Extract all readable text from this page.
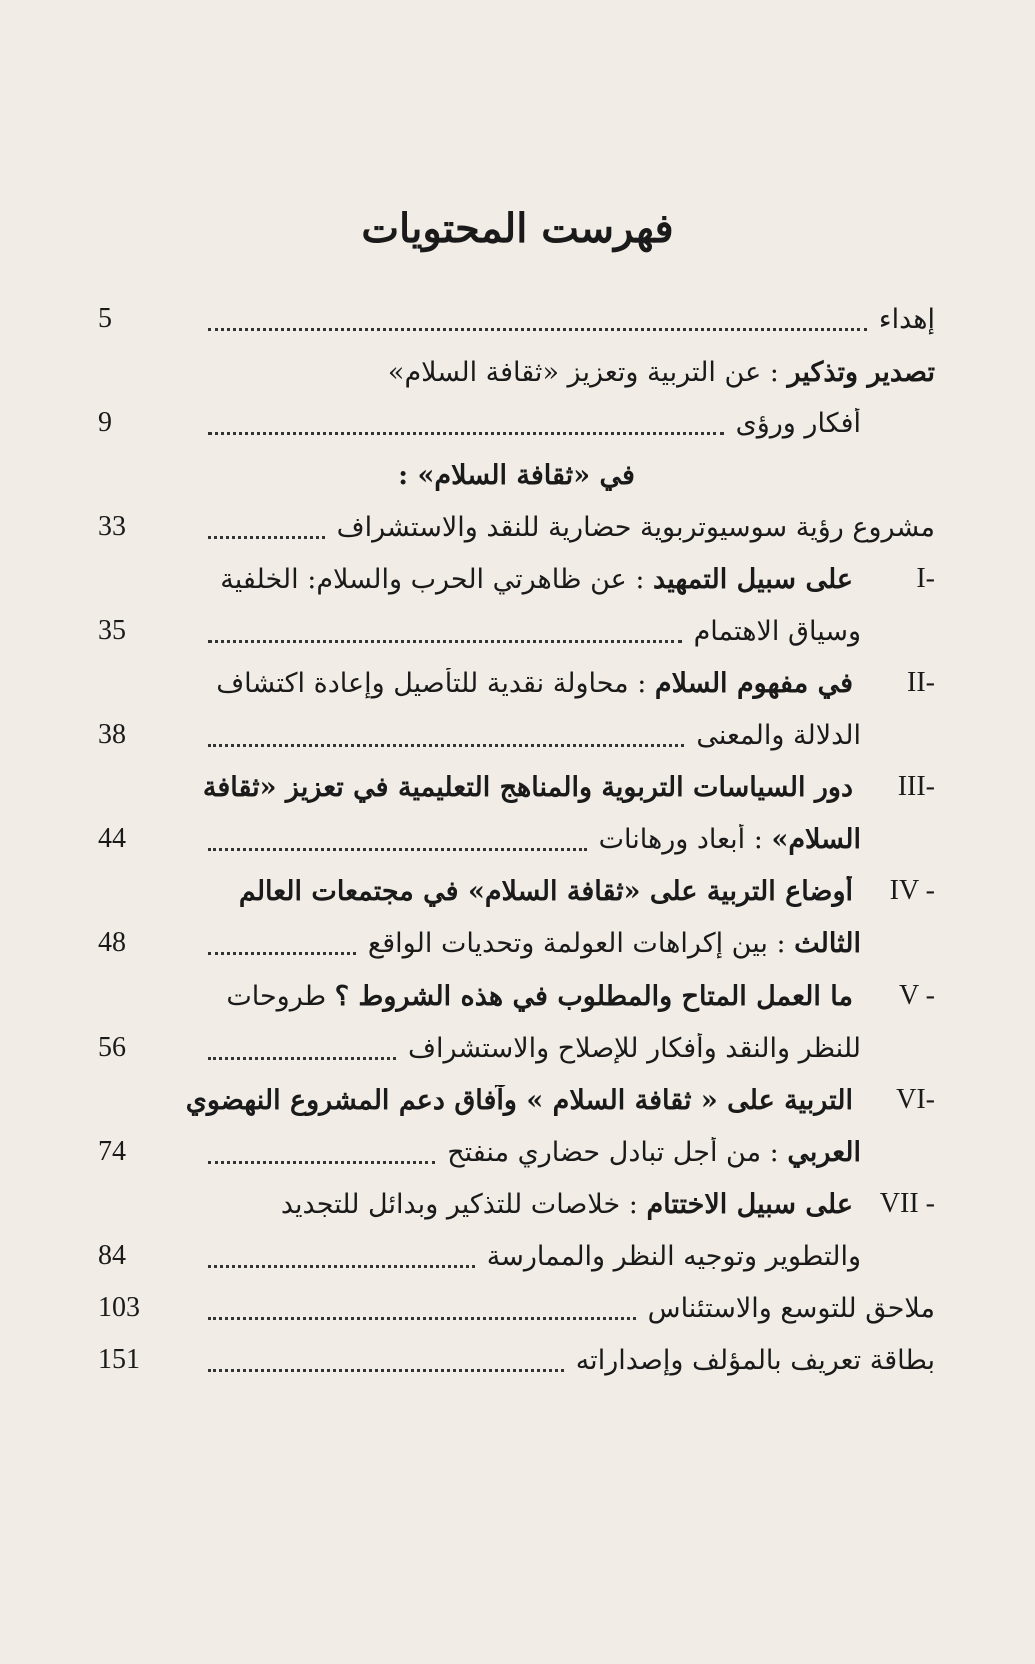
فهرست المحتويات
إهداء
5
تصدير وتذكير : عن التربية وتعزيز «ثقافة السلام»
أفكار ورؤى
9
في «ثقافة السلام» :
مشروع رؤية سوسيوتربوية حضارية للنقد والاستشراف
33
I-
على سبيل التمهيد : عن ظاهرتي الحرب والسلام: الخلفية
وسياق الاهتمام
35
II-
في مفهوم السلام : محاولة نقدية للتأصيل وإعادة اكتشاف
الدلالة والمعنى
38
III-
دور السياسات التربوية والمناهج التعليمية في تعزيز «ثقافة
السلام» : أبعاد ورهانات
44
IV -
أوضاع التربية على «ثقافة السلام» في مجتمعات العالم
الثالث : بين إكراهات العولمة وتحديات الواقع
48
V -
ما العمل المتاح والمطلوب في هذه الشروط ؟ طروحات
للنظر والنقد وأفكار للإصلاح والاستشراف
56
VI-
التربية على « ثقافة السلام » وآفاق دعم المشروع النهضوي
العربي : من أجل تبادل حضاري منفتح
74
VII -
على سبيل الاختتام : خلاصات للتذكير وبدائل للتجديد
والتطوير وتوجيه النظر والممارسة
84
ملاحق للتوسع والاستئناس
103
بطاقة تعريف بالمؤلف وإصداراته
151
